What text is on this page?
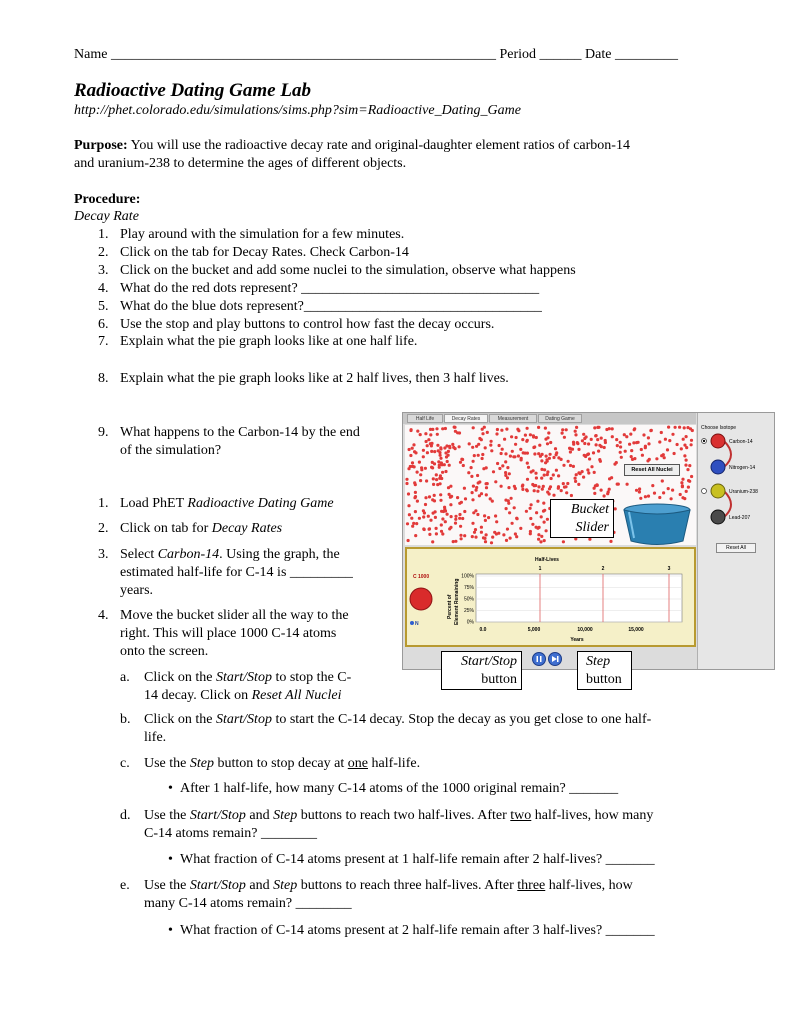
Name _______________________________________________________ Period ______ Date _________
Radioactive Dating Game Lab
http://phet.colorado.edu/simulations/sims.php?sim=Radioactive_Dating_Game
Purpose: You will use the radioactive decay rate and original-daughter element ratios of carbon-14
and uranium-238 to determine the ages of different objects.
Procedure:
Decay Rate
1. Play around with the simulation for a few minutes.
2. Click on the tab for Decay Rates. Check Carbon-14
3. Click on the bucket and add some nuclei to the simulation, observe what happens
4. What do the red dots represent? __________________________________
5. What do the blue dots represent?__________________________________
6. Use the stop and play buttons to control how fast the decay occurs.
7. Explain what the pie graph looks like at one half life.
8. Explain what the pie graph looks like at 2 half lives, then 3 half lives.
9. What happens to the Carbon-14 by the end
of the simulation?
1. Load PhET Radioactive Dating Game
2. Click on tab for Decay Rates
3. Select Carbon-14. Using the graph, the
estimated half-life for C-14 is _________
years.
4. Move the bucket slider all the way to the
right. This will place 1000 C-14 atoms
onto the screen.
a. Click on the Start/Stop to stop the C-
14 decay. Click on Reset All Nuclei
b. Click on the Start/Stop to start the C-14 decay. Stop the decay as you get close to one half-
life.
c. Use the Step button to stop decay at one half-life.
• After 1 half-life, how many C-14 atoms of the 1000 original remain? _______
d. Use the Start/Stop and Step buttons to reach two half-lives. After two half-lives, how many
C-14 atoms remain? ________
• What fraction of C-14 atoms present at 1 half-life remain after 2 half-lives? _______
e. Use the Start/Stop and Step buttons to reach three half-lives. After three half-lives, how
many C-14 atoms remain? ________
• What fraction of C-14 atoms present at 2 half-life remain after 3 half-lives? _______
Half Life	Decay Rates	Measurement	Dating Game
Reset All Nuclei
C 1000
N
Percent of Element Remaining
100%
75%
50%
25%
0%
1	2	3
Half-Lives
0.0	5,000	10,000	15,000
Years
Choose Isotope
Carbon-14
Nitrogen-14
Uranium-238
Lead-207
Reset All
Bucket
Slider
Start/Stop
button
Step
button
